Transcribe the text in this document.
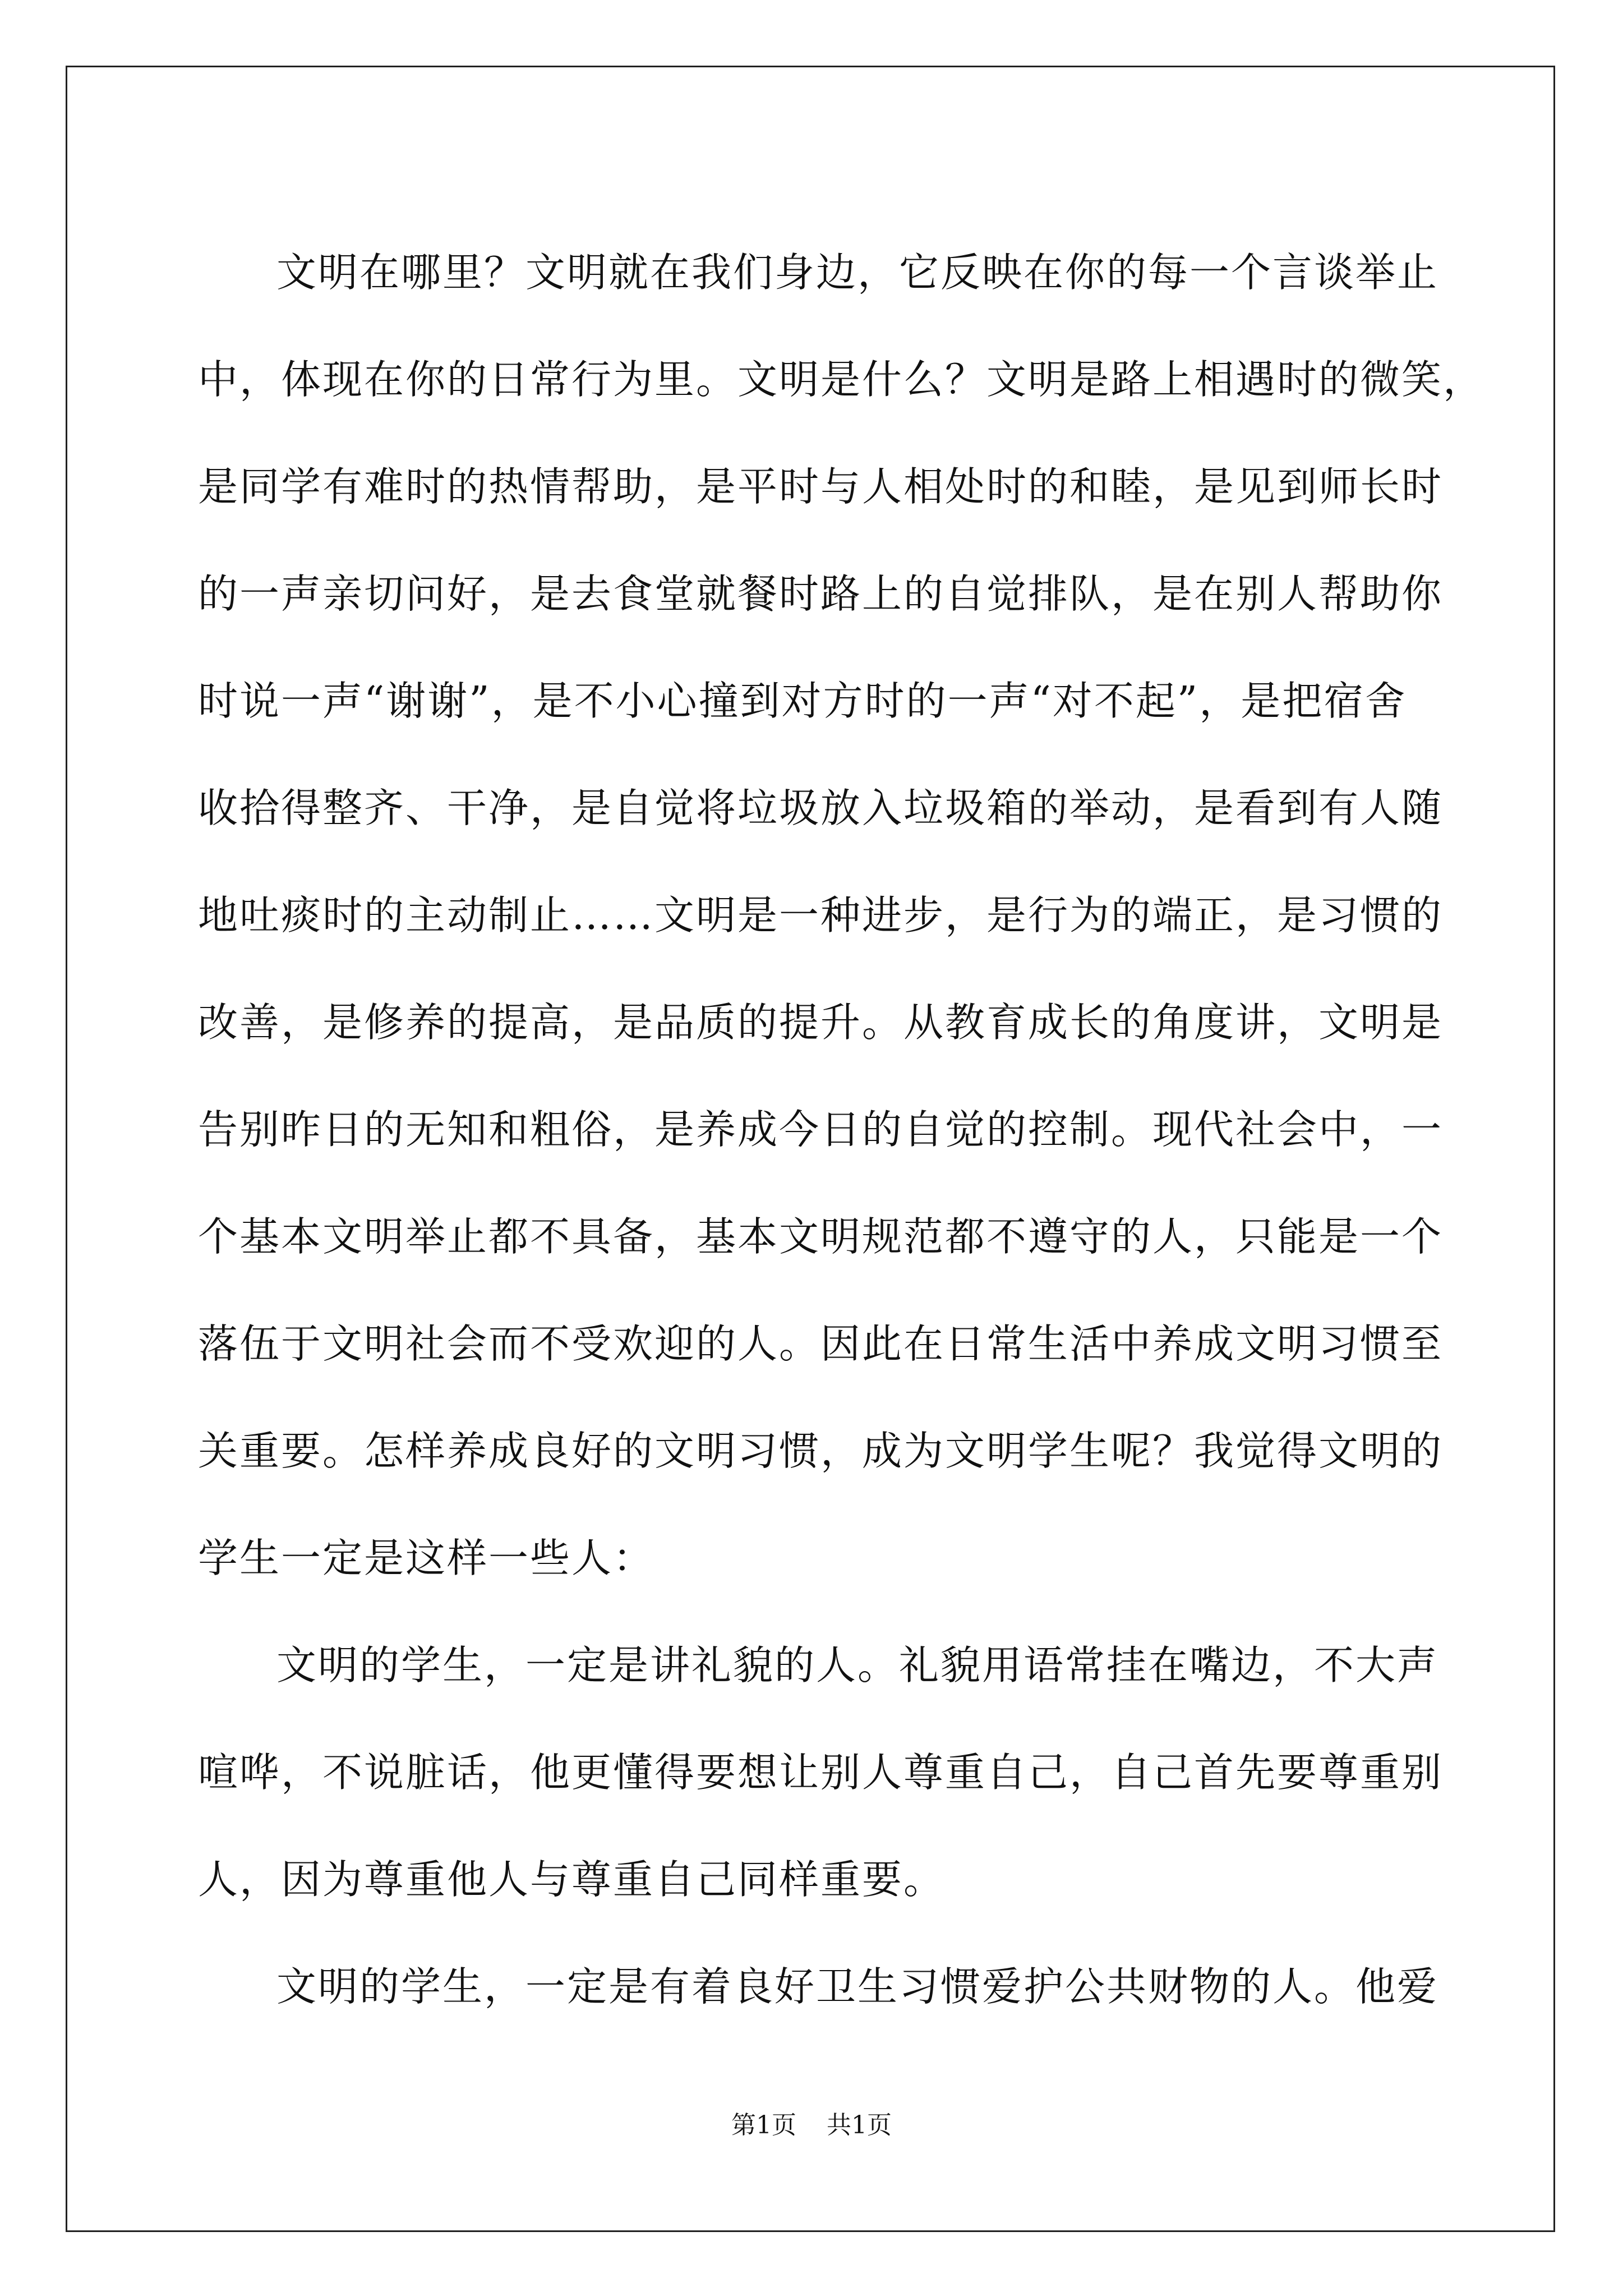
文明在哪里？文明就在我们身边，它反映在你的每一个言谈举止
中，体现在你的日常行为里。文明是什么？文明是路上相遇时的微笑，
是同学有难时的热情帮助，是平时与人相处时的和睦，是见到师长时
的一声亲切问好，是去食堂就餐时路上的自觉排队，是在别人帮助你
时说一声“谢谢”，是不小心撞到对方时的一声“对不起”，是把宿舍
收拾得整齐、干净，是自觉将垃圾放入垃圾箱的举动，是看到有人随
地吐痰时的主动制止……文明是一种进步，是行为的端正，是习惯的
改善，是修养的提高，是品质的提升。从教育成长的角度讲，文明是
告别昨日的无知和粗俗，是养成今日的自觉的控制。现代社会中，一
个基本文明举止都不具备，基本文明规范都不遵守的人，只能是一个
落伍于文明社会而不受欢迎的人。因此在日常生活中养成文明习惯至
关重要。怎样养成良好的文明习惯，成为文明学生呢？我觉得文明的
学生一定是这样一些人：
文明的学生，一定是讲礼貌的人。礼貌用语常挂在嘴边，不大声
喧哗，不说脏话，他更懂得要想让别人尊重自己，自己首先要尊重别
人，因为尊重他人与尊重自己同样重要。
文明的学生，一定是有着良好卫生习惯爱护公共财物的人。他爱
第1页 共1页
